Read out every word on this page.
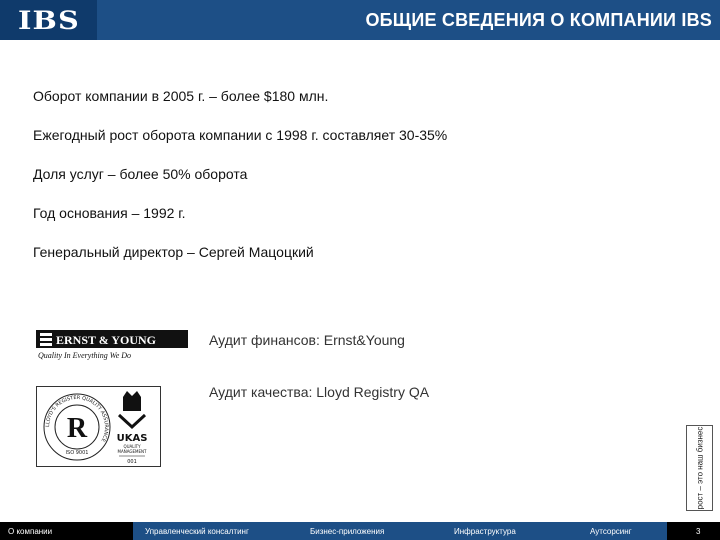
IBS	ОБЩИЕ СВЕДЕНИЯ О КОМПАНИИ IBS
Оборот компании в 2005 г. – более $180 млн.
Ежегодный рост оборота компании с 1998 г. составляет 30-35%
Доля услуг – более 50% оборота
Год основания – 1992 г.
Генеральный директор – Сергей Мацоцкий
ERNST & YOUNG
Quality In Everything We Do
Аудит финансов: Ernst&Young
Аудит качества: Lloyd Registry QA
LLOYD'S REGISTER QUALITY ASSURANCE
R
ISO 9001
UKAS
QUALITY
MANAGEMENT
001	рост – это наш бизнес
О компании	Управленческий консалтинг	Бизнес-приложения	Инфраструктура	Аутсорсинг	3
